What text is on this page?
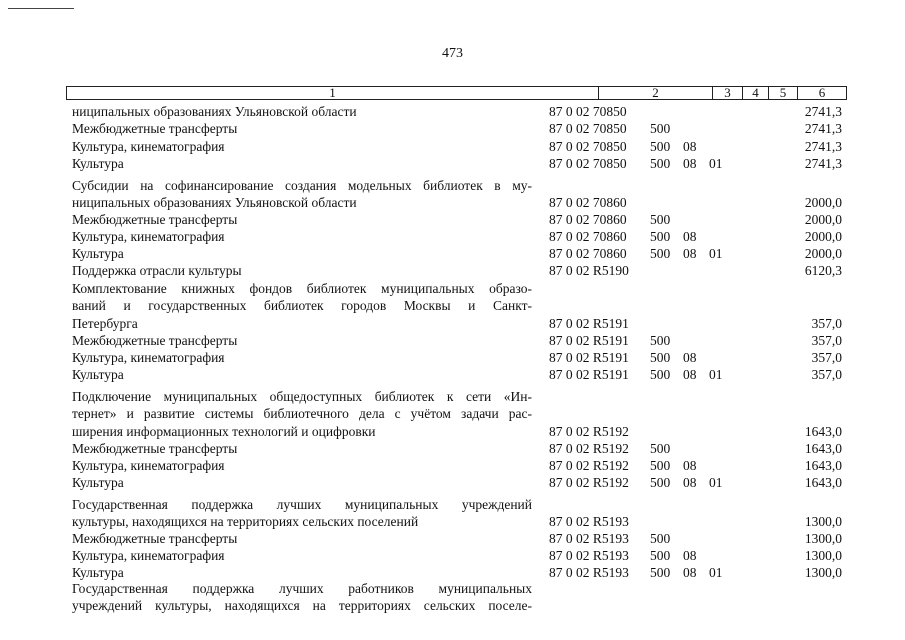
473
1	2	3	4	5	6
ниципальных образованиях Ульяновской области	87 0 02 70850	2741,3
Межбюджетные трансферты	87 0 02 70850 500	2741,3
Культура, кинематография	87 0 02 70850 500 08	2741,3
Культура	87 0 02 70850 500 08 01	2741,3
Субсидии на софинансирование создания модельных библиотек в му-
ниципальных образованиях Ульяновской области	87 0 02 70860	2000,0
Межбюджетные трансферты	87 0 02 70860 500	2000,0
Культура, кинематография	87 0 02 70860 500 08	2000,0
Культура	87 0 02 70860 500 08 01	2000,0
Поддержка отрасли культуры	87 0 02 R5190	6120,3
Комплектование книжных фондов библиотек муниципальных образо-
ваний и государственных библиотек городов Москвы и Санкт-
Петербурга	87 0 02 R5191	357,0
Межбюджетные трансферты	87 0 02 R5191 500	357,0
Культура, кинематография	87 0 02 R5191 500 08	357,0
Культура	87 0 02 R5191 500 08 01	357,0
Подключение муниципальных общедоступных библиотек к сети «Ин-
тернет» и развитие системы библиотечного дела с учётом задачи рас-
ширения информационных технологий и оцифровки	87 0 02 R5192	1643,0
Межбюджетные трансферты	87 0 02 R5192 500	1643,0
Культура, кинематография	87 0 02 R5192 500 08	1643,0
Культура	87 0 02 R5192 500 08 01	1643,0
Государственная поддержка лучших муниципальных учреждений
культуры, находящихся на территориях сельских поселений	87 0 02 R5193	1300,0
Межбюджетные трансферты	87 0 02 R5193 500	1300,0
Культура, кинематография	87 0 02 R5193 500 08	1300,0
Культура	87 0 02 R5193 500 08 01	1300,0
Государственная поддержка лучших работников муниципальных
учреждений культуры, находящихся на территориях сельских поселе-
